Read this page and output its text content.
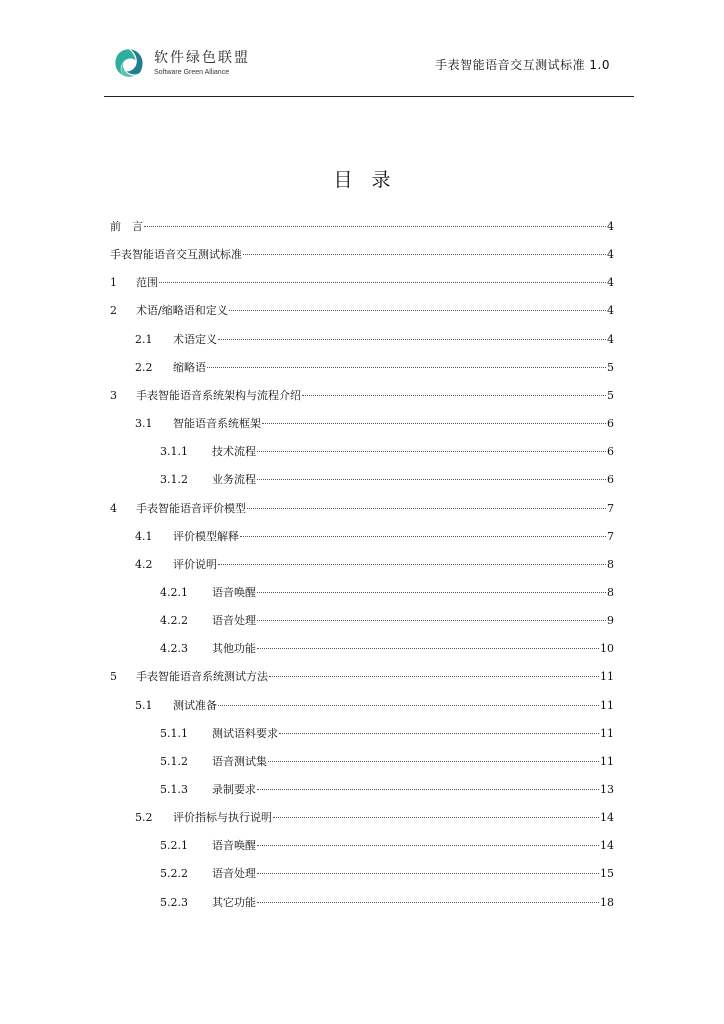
软件绿色联盟
Software Green Alliance
手表智能语音交互测试标准 1.0
目录
前　言	4
手表智能语音交互测试标准	4
1	范围	4
2	术语/缩略语和定义	4
2.1	术语定义	4
2.2	缩略语	5
3	手表智能语音系统架构与流程介绍	5
3.1	智能语音系统框架	6
3.1.1	技术流程	6
3.1.2	业务流程	6
4	手表智能语音评价模型	7
4.1	评价模型解释	7
4.2	评价说明	8
4.2.1	语音唤醒	8
4.2.2	语音处理	9
4.2.3	其他功能	10
5	手表智能语音系统测试方法	11
5.1	测试准备	11
5.1.1	测试语料要求	11
5.1.2	语音测试集	11
5.1.3	录制要求	13
5.2	评价指标与执行说明	14
5.2.1	语音唤醒	14
5.2.2	语音处理	15
5.2.3	其它功能	18
